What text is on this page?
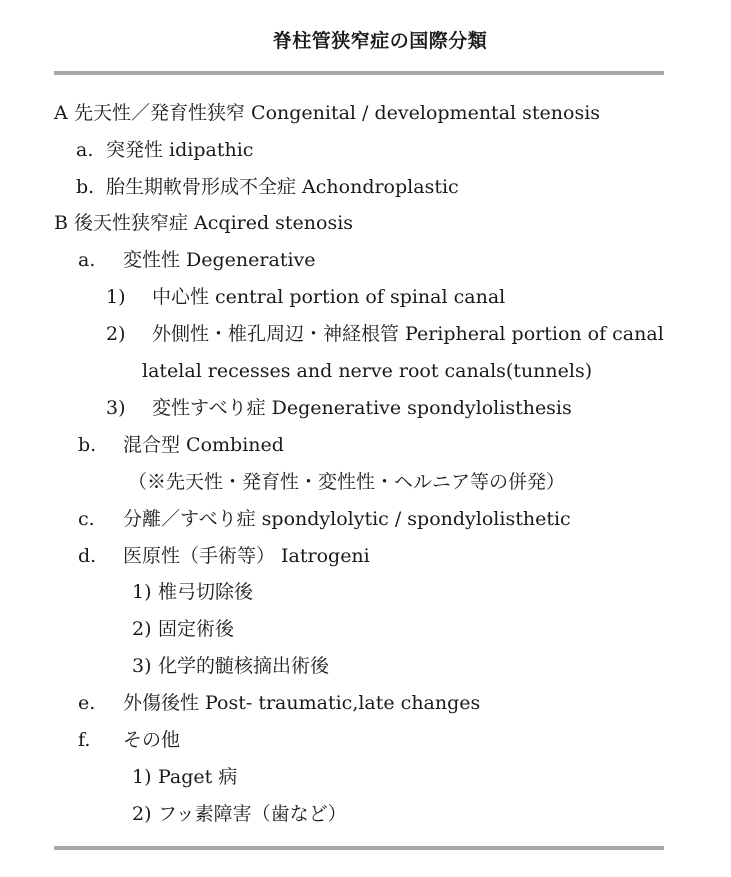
脊柱管狭窄症の国際分類
A 先天性／発育性狭窄 Congenital / developmental stenosis
a. 突発性 idipathic
b. 胎生期軟骨形成不全症 Achondroplastic
B 後天性狭窄症 Acqired stenosis
a. 変性性 Degenerative
1) 中心性 central portion of spinal canal
2) 外側性・椎孔周辺・神経根管 Peripheral portion of canal
latelal recesses and nerve root canals(tunnels)
3) 変性すべり症 Degenerative spondylolisthesis
b. 混合型 Combined
（※先天性・発育性・変性性・ヘルニア等の併発）
c. 分離／すべり症 spondylolytic / spondylolisthetic
d. 医原性（手術等） Iatrogeni
1) 椎弓切除後
2) 固定術後
3) 化学的髄核摘出術後
e. 外傷後性 Post- traumatic,late changes
f. その他
1) Paget 病
2) フッ素障害（歯など）
